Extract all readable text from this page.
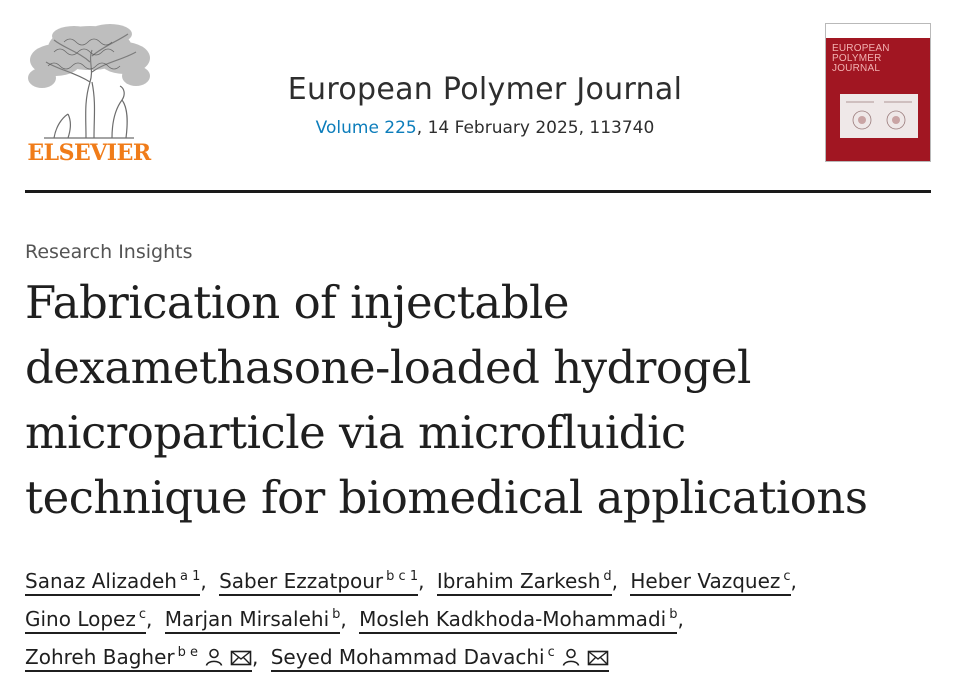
ELSEVIER
European Polymer Journal
Volume 225, 14 February 2025, 113740
EUROPEAN
POLYMER
JOURNAL
Research Insights
Fabrication of injectable
dexamethasone-loaded hydrogel
microparticle via microfluidic
technique for biomedical applications
Sanaz Alizadeh $^{a 1}$, Saber Ezzatpour $^{b c 1}$, Ibrahim Zarkesh $^d$, Heber Vazquez $^c$,
Gino Lopez $^c$, Marjan Mirsalehi $^b$, Mosleh Kadkhoda-Mohammadi $^b$,
Zohreh Bagher $^{b e}$	, Seyed Mohammad Davachi $^c$
